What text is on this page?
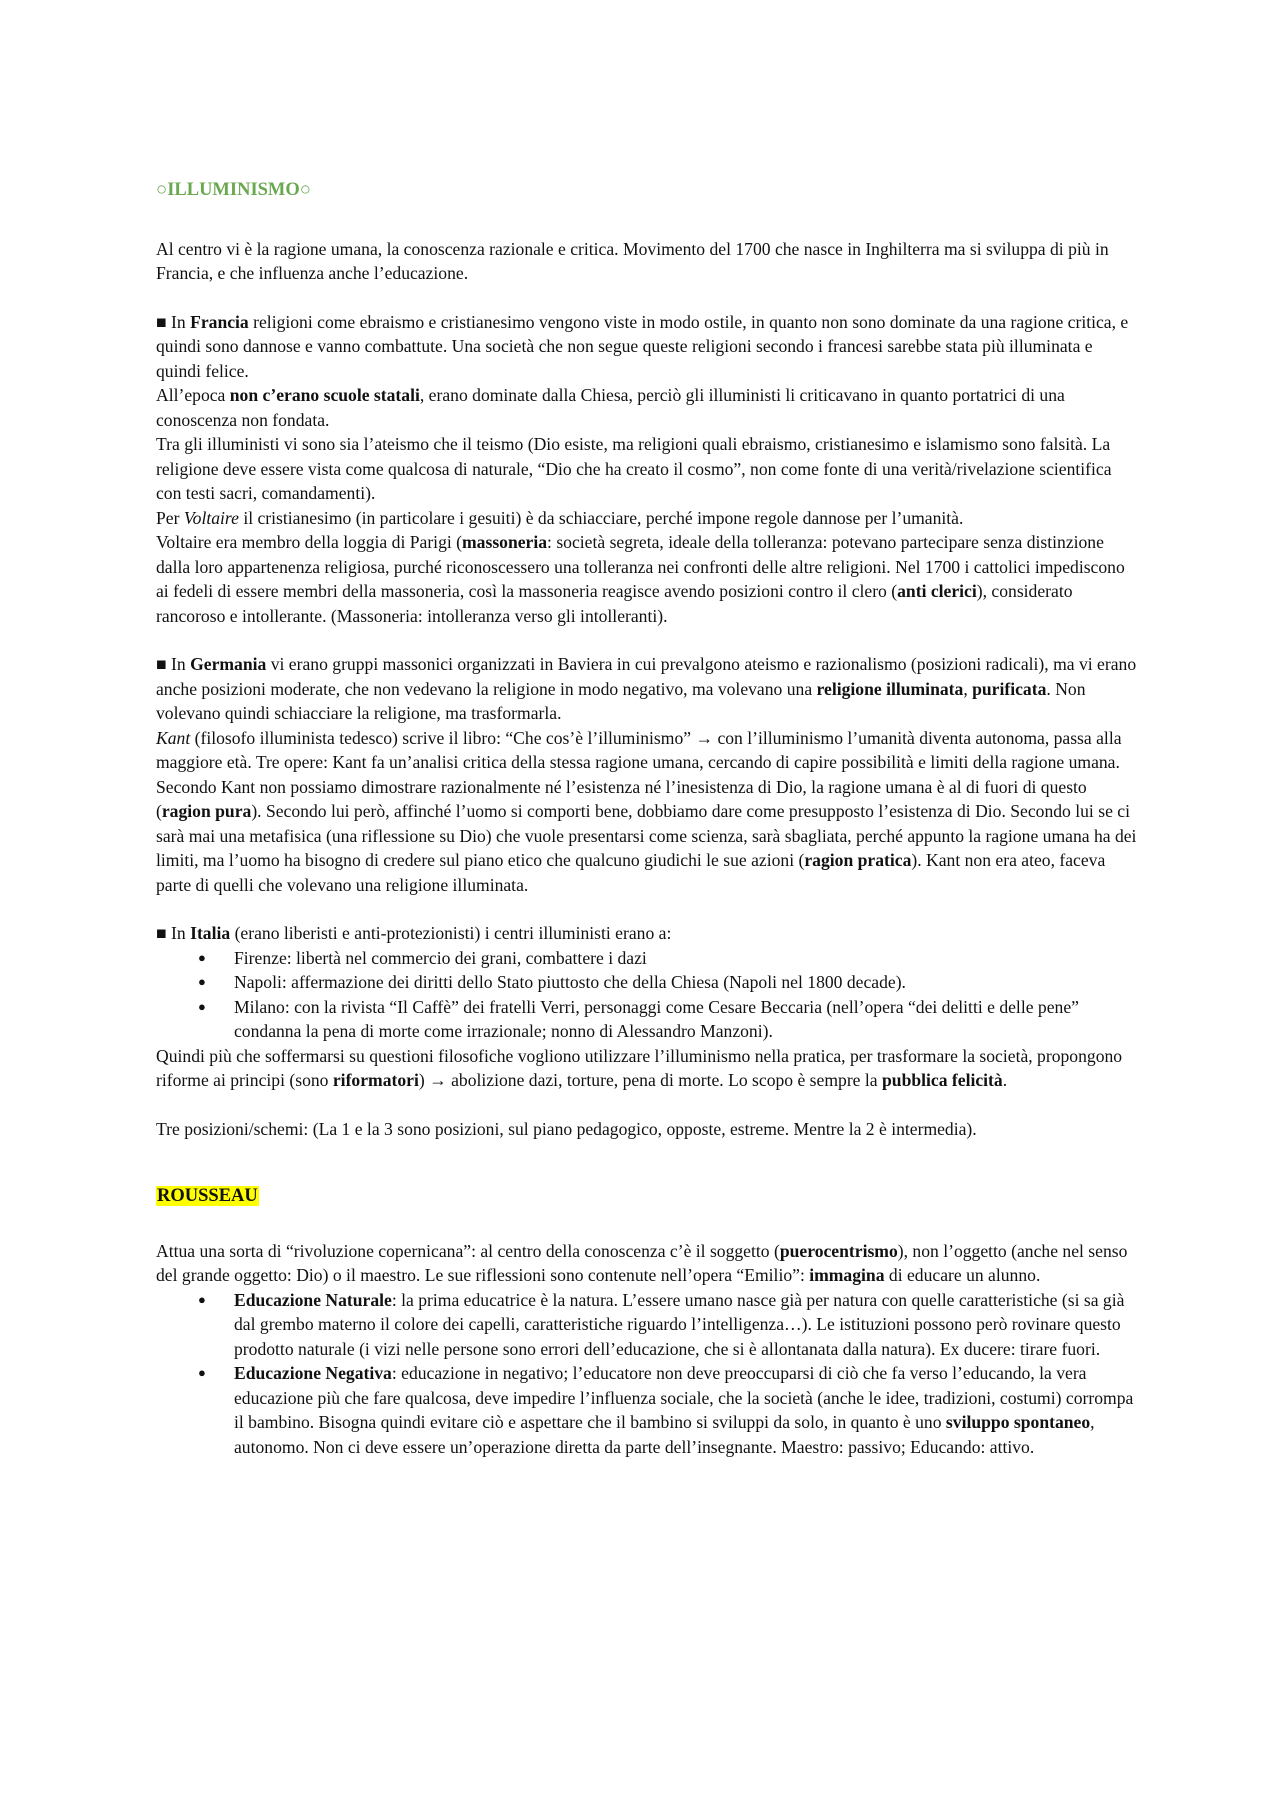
○ILLUMINISMO○

Al centro vi è la ragione umana, la conoscenza razionale e critica. Movimento del 1700 che nasce in Inghilterra ma si sviluppa di più in Francia, e che influenza anche l’educazione.

■ In Francia religioni come ebraismo e cristianesimo vengono viste in modo ostile, in quanto non sono dominate da una ragione critica, e quindi sono dannose e vanno combattute. Una società che non segue queste religioni secondo i francesi sarebbe stata più illuminata e quindi felice.

All’epoca non c’erano scuole statali, erano dominate dalla Chiesa, perciò gli illuministi li criticavano in quanto portatrici di una conoscenza non fondata.

Tra gli illuministi vi sono sia l’ateismo che il teismo (Dio esiste, ma religioni quali ebraismo, cristianesimo e islamismo sono falsità. La religione deve essere vista come qualcosa di naturale, “Dio che ha creato il cosmo”, non come fonte di una verità/rivelazione scientifica con testi sacri, comandamenti).

Per Voltaire il cristianesimo (in particolare i gesuiti) è da schiacciare, perché impone regole dannose per l’umanità.

Voltaire era membro della loggia di Parigi (massoneria: società segreta, ideale della tolleranza: potevano partecipare senza distinzione dalla loro appartenenza religiosa, purché riconoscessero una tolleranza nei confronti delle altre religioni. Nel 1700 i cattolici impediscono ai fedeli di essere membri della massoneria, così la massoneria reagisce avendo posizioni contro il clero (anti clerici), considerato rancoroso e intollerante. (Massoneria: intolleranza verso gli intolleranti).

■ In Germania vi erano gruppi massonici organizzati in Baviera in cui prevalgono ateismo e razionalismo (posizioni radicali), ma vi erano anche posizioni moderate, che non vedevano la religione in modo negativo, ma volevano una religione illuminata, purificata. Non volevano quindi schiacciare la religione, ma trasformarla.

Kant (filosofo illuminista tedesco) scrive il libro: “Che cos’è l’illuminismo” → con l’illuminismo l’umanità diventa autonoma, passa alla maggiore età. Tre opere: Kant fa un’analisi critica della stessa ragione umana, cercando di capire possibilità e limiti della ragione umana. Secondo Kant non possiamo dimostrare razionalmente né l’esistenza né l’inesistenza di Dio, la ragione umana è al di fuori di questo (ragion pura). Secondo lui però, affinché l’uomo si comporti bene, dobbiamo dare come presupposto l’esistenza di Dio. Secondo lui se ci sarà mai una metafisica (una riflessione su Dio) che vuole presentarsi come scienza, sarà sbagliata, perché appunto la ragione umana ha dei limiti, ma l’uomo ha bisogno di credere sul piano etico che qualcuno giudichi le sue azioni (ragion pratica). Kant non era ateo, faceva parte di quelli che volevano una religione illuminata.

■ In Italia (erano liberisti e anti-protezionisti) i centri illuministi erano a:

● Firenze: libertà nel commercio dei grani, combattere i dazi
● Napoli: affermazione dei diritti dello Stato piuttosto che della Chiesa (Napoli nel 1800 decade).
● Milano: con la rivista “Il Caffè” dei fratelli Verri, personaggi come Cesare Beccaria (nell’opera “dei delitti e delle pene” condanna la pena di morte come irrazionale; nonno di Alessandro Manzoni).

Quindi più che soffermarsi su questioni filosofiche vogliono utilizzare l’illuminismo nella pratica, per trasformare la società, propongono riforme ai principi (sono riformatori) → abolizione dazi, torture, pena di morte. Lo scopo è sempre la pubblica felicità.

Tre posizioni/schemi: (La 1 e la 3 sono posizioni, sul piano pedagogico, opposte, estreme. Mentre la 2 è intermedia).

ROUSSEAU

Attua una sorta di “rivoluzione copernicana”: al centro della conoscenza c’è il soggetto (puerocentrismo), non l’oggetto (anche nel senso del grande oggetto: Dio) o il maestro. Le sue riflessioni sono contenute nell’opera “Emilio”: immagina di educare un alunno.

● Educazione Naturale: la prima educatrice è la natura. L’essere umano nasce già per natura con quelle caratteristiche (si sa già dal grembo materno il colore dei capelli, caratteristiche riguardo l’intelligenza…). Le istituzioni possono però rovinare questo prodotto naturale (i vizi nelle persone sono errori dell’educazione, che si è allontanata dalla natura). Ex ducere: tirare fuori.
● Educazione Negativa: educazione in negativo; l’educatore non deve preoccuparsi di ciò che fa verso l’educando, la vera educazione più che fare qualcosa, deve impedire l’influenza sociale, che la società (anche le idee, tradizioni, costumi) corrompa il bambino. Bisogna quindi evitare ciò e aspettare che il bambino si sviluppi da solo, in quanto è uno sviluppo spontaneo, autonomo. Non ci deve essere un’operazione diretta da parte dell’insegnante. Maestro: passivo; Educando: attivo.
